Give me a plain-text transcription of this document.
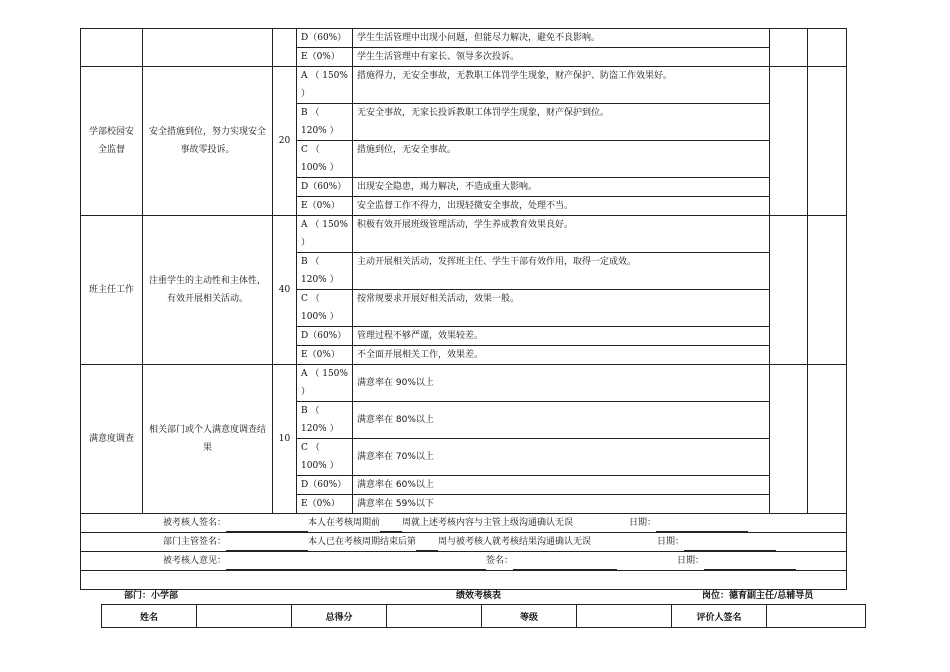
			D（60%）	学生生活管理中出现小问题，但能尽力解决，避免不良影响。		
			E（0%）	学生生活管理中有家长、领导多次投诉。		
学部校园安全监督	安全措施到位，努力实现安全事故零投诉。	20	A （ 150% ）	措施得力，无安全事故，无教职工体罚学生现象，财产保护、防盗工作效果好。		
			B （ 120% ）	无安全事故，无家长投诉教职工体罚学生现象，财产保护到位。		
			C （ 100% ）	措施到位，无安全事故。		
			D（60%）	出现安全隐患，竭力解决，不造成重大影响。		
			E（0%）	安全监督工作不得力，出现轻微安全事故，处理不当。		
班主任工作	注重学生的主动性和主体性，有效开展相关活动。	40	A （ 150% ）	积极有效开展班级管理活动，学生养成教育效果良好。		
			B （ 120% ）	主动开展相关活动，发挥班主任、学生干部有效作用，取得一定成效。		
			C （ 100% ）	按常规要求开展好相关活动，效果一般。		
			D（60%）	管理过程不够严谨，效果较差。		
			E（0%）	不全面开展相关工作，效果差。		
满意度调查	相关部门或个人满意度调查结果	10	A （ 150% ）	满意率在 90%以上		
			B （ 120% ）	满意率在 80%以上		
			C （ 100% ）	满意率在 70%以上		
			D（60%）	满意率在 60%以上		
			E（0%）	满意率在 59%以下		
被考核人签名： 本人在考核周期前 周就上述考核内容与主管上级沟通确认无误 日期：						
部门主管签名： 本人已在考核周期结束后第 周与被考核人就考核结果沟通确认无误 日期：						
被考核人意见： 签名： 日期：						

部门：小学部	绩效考核表	岗位：德育副主任/总辅导员
姓名		总得分		等级		评价人签名	
